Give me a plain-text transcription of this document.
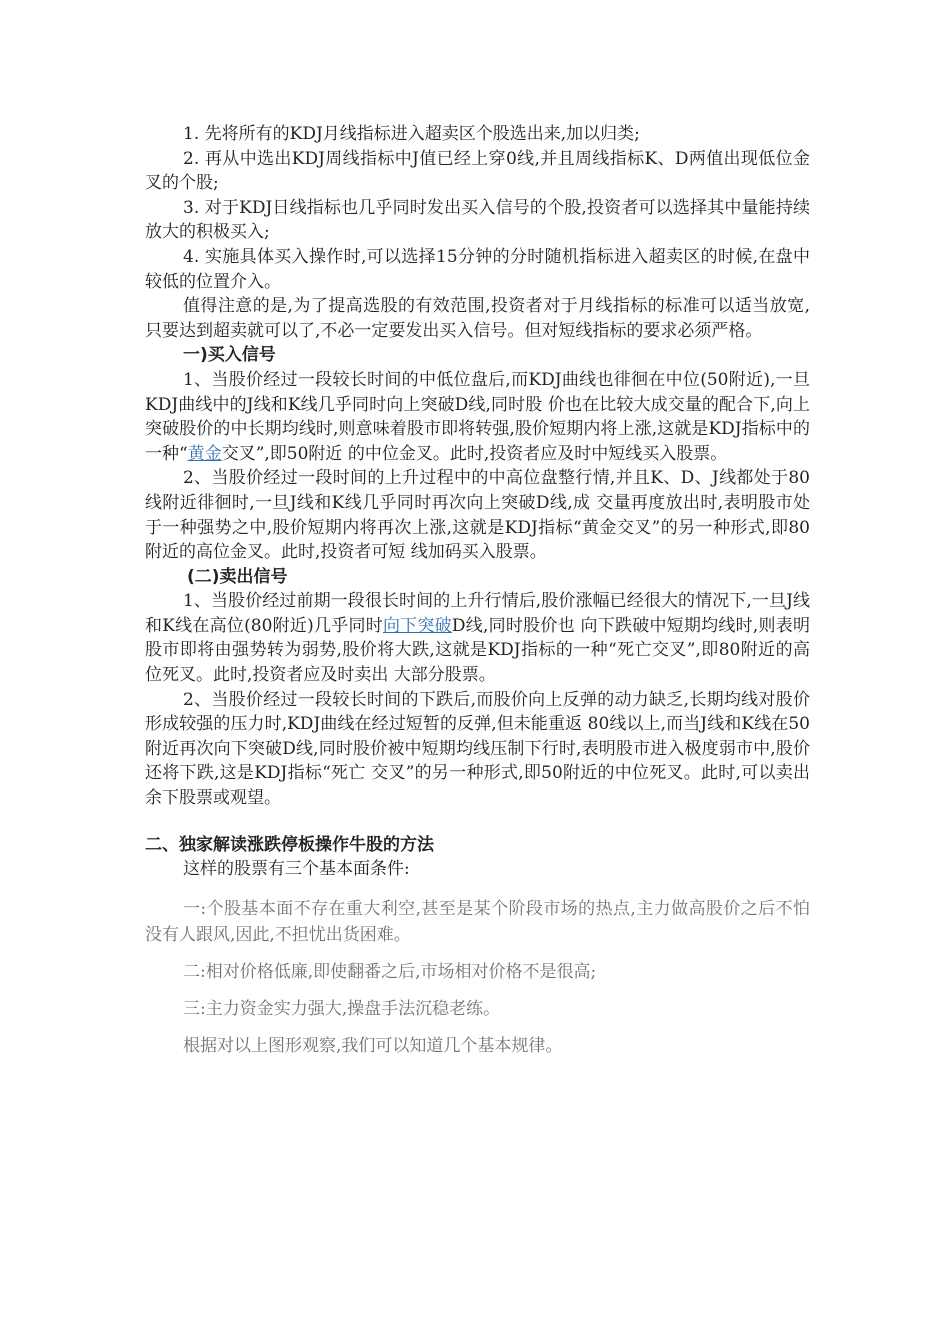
1. 先将所有的KDJ月线指标进入超卖区个股选出来,加以归类;

2. 再从中选出KDJ周线指标中J值已经上穿0线,并且周线指标K、D两值出现低位金叉的个股;

3. 对于KDJ日线指标也几乎同时发出买入信号的个股,投资者可以选择其中量能持续放大的积极买入;

4. 实施具体买入操作时,可以选择15分钟的分时随机指标进入超卖区的时候,在盘中较低的位置介入。

值得注意的是,为了提高选股的有效范围,投资者对于月线指标的标准可以适当放宽,只要达到超卖就可以了,不必一定要发出买入信号。但对短线指标的要求必须严格。

一)买入信号

1、当股价经过一段较长时间的中低位盘后,而KDJ曲线也徘徊在中位(50附近),一旦KDJ曲线中的J线和K线几乎同时向上突破D线,同时股 价也在比较大成交量的配合下,向上突破股价的中长期均线时,则意味着股市即将转强,股价短期内将上涨,这就是KDJ指标中的一种“黄金交叉”,即50附近 的中位金叉。此时,投资者应及时中短线买入股票。

2、当股价经过一段时间的上升过程中的中高位盘整行情,并且K、D、J线都处于80线附近徘徊时,一旦J线和K线几乎同时再次向上突破D线,成 交量再度放出时,表明股市处于一种强势之中,股价短期内将再次上涨,这就是KDJ指标“黄金交叉”的另一种形式,即80附近的高位金叉。此时,投资者可短 线加码买入股票。

(二)卖出信号

1、当股价经过前期一段很长时间的上升行情后,股价涨幅已经很大的情况下,一旦J线和K线在高位(80附近)几乎同时向下突破D线,同时股价也 向下跌破中短期均线时,则表明股市即将由强势转为弱势,股价将大跌,这就是KDJ指标的一种“死亡交叉”,即80附近的高位死叉。此时,投资者应及时卖出 大部分股票。

2、当股价经过一段较长时间的下跌后,而股价向上反弹的动力缺乏,长期均线对股价形成较强的压力时,KDJ曲线在经过短暂的反弹,但未能重返 80线以上,而当J线和K线在50附近再次向下突破D线,同时股价被中短期均线压制下行时,表明股市进入极度弱市中,股价还将下跌,这是KDJ指标“死亡 交叉”的另一种形式,即50附近的中位死叉。此时,可以卖出余下股票或观望。

二、独家解读涨跌停板操作牛股的方法

这样的股票有三个基本面条件:

一:个股基本面不存在重大利空,甚至是某个阶段市场的热点,主力做高股价之后不怕没有人跟风,因此,不担忧出货困难。

二:相对价格低廉,即使翻番之后,市场相对价格不是很高;

三:主力资金实力强大,操盘手法沉稳老练。

根据对以上图形观察,我们可以知道几个基本规律。
